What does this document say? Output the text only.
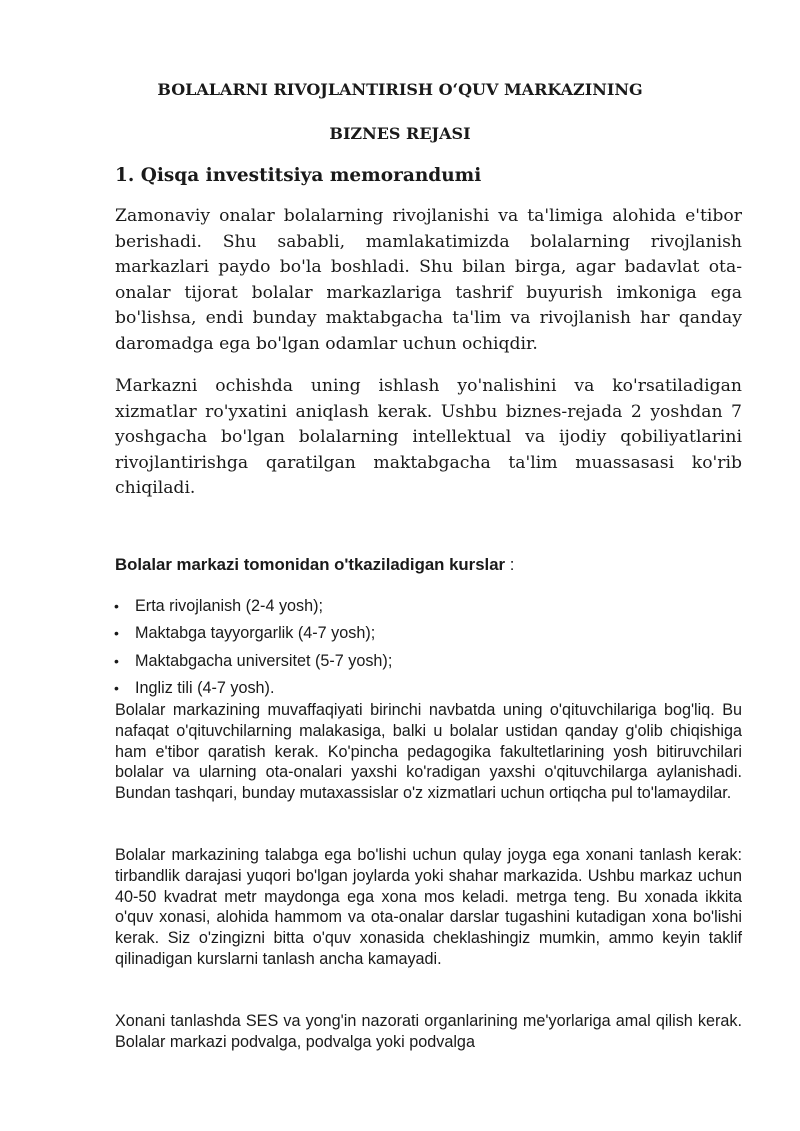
BOLALARNI RIVOJLANTIRISH O‘QUV MARKAZINING

BIZNES REJASI

1. Qisqa investitsiya memorandumi

Zamonaviy onalar bolalarning rivojlanishi va ta'limiga alohida e'tibor berishadi. Shu sababli, mamlakatimizda bolalarning rivojlanish markazlari paydo bo'la boshladi. Shu bilan birga, agar badavlat ota-onalar tijorat bolalar markazlariga tashrif buyurish imkoniga ega bo'lishsa, endi bunday maktabgacha ta'lim va rivojlanish har qanday daromadga ega bo'lgan odamlar uchun ochiqdir.

Markazni ochishda uning ishlash yo'nalishini va ko'rsatiladigan xizmatlar ro'yxatini aniqlash kerak. Ushbu biznes-rejada 2 yoshdan 7 yoshgacha bo'lgan bolalarning intellektual va ijodiy qobiliyatlarini rivojlantirishga qaratilgan maktabgacha ta'lim muassasasi ko'rib chiqiladi.

Bolalar markazi tomonidan o'tkaziladigan kurslar :

• Erta rivojlanish (2-4 yosh);
• Maktabga tayyorgarlik (4-7 yosh);
• Maktabgacha universitet (5-7 yosh);
• Ingliz tili (4-7 yosh).

Bolalar markazining muvaffaqiyati birinchi navbatda uning o'qituvchilariga bog'liq. Bu nafaqat o'qituvchilarning malakasiga, balki u bolalar ustidan qanday g'olib chiqishiga ham e'tibor qaratish kerak. Ko'pincha pedagogika fakultetlarining yosh bitiruvchilari bolalar va ularning ota-onalari yaxshi ko'radigan yaxshi o'qituvchilarga aylanishadi. Bundan tashqari, bunday mutaxassislar o'z xizmatlari uchun ortiqcha pul to'lamaydilar.

Bolalar markazining talabga ega bo'lishi uchun qulay joyga ega xonani tanlash kerak: tirbandlik darajasi yuqori bo'lgan joylarda yoki shahar markazida. Ushbu markaz uchun 40-50 kvadrat metr maydonga ega xona mos keladi. metrga teng. Bu xonada ikkita o'quv xonasi, alohida hammom va ota-onalar darslar tugashini kutadigan xona bo'lishi kerak. Siz o'zingizni bitta o'quv xonasida cheklashingiz mumkin, ammo keyin taklif qilinadigan kurslarni tanlash ancha kamayadi.

Xonani tanlashda SES va yong'in nazorati organlarining me'yorlariga amal qilish kerak. Bolalar markazi podvalga, podvalga yoki podvalga
